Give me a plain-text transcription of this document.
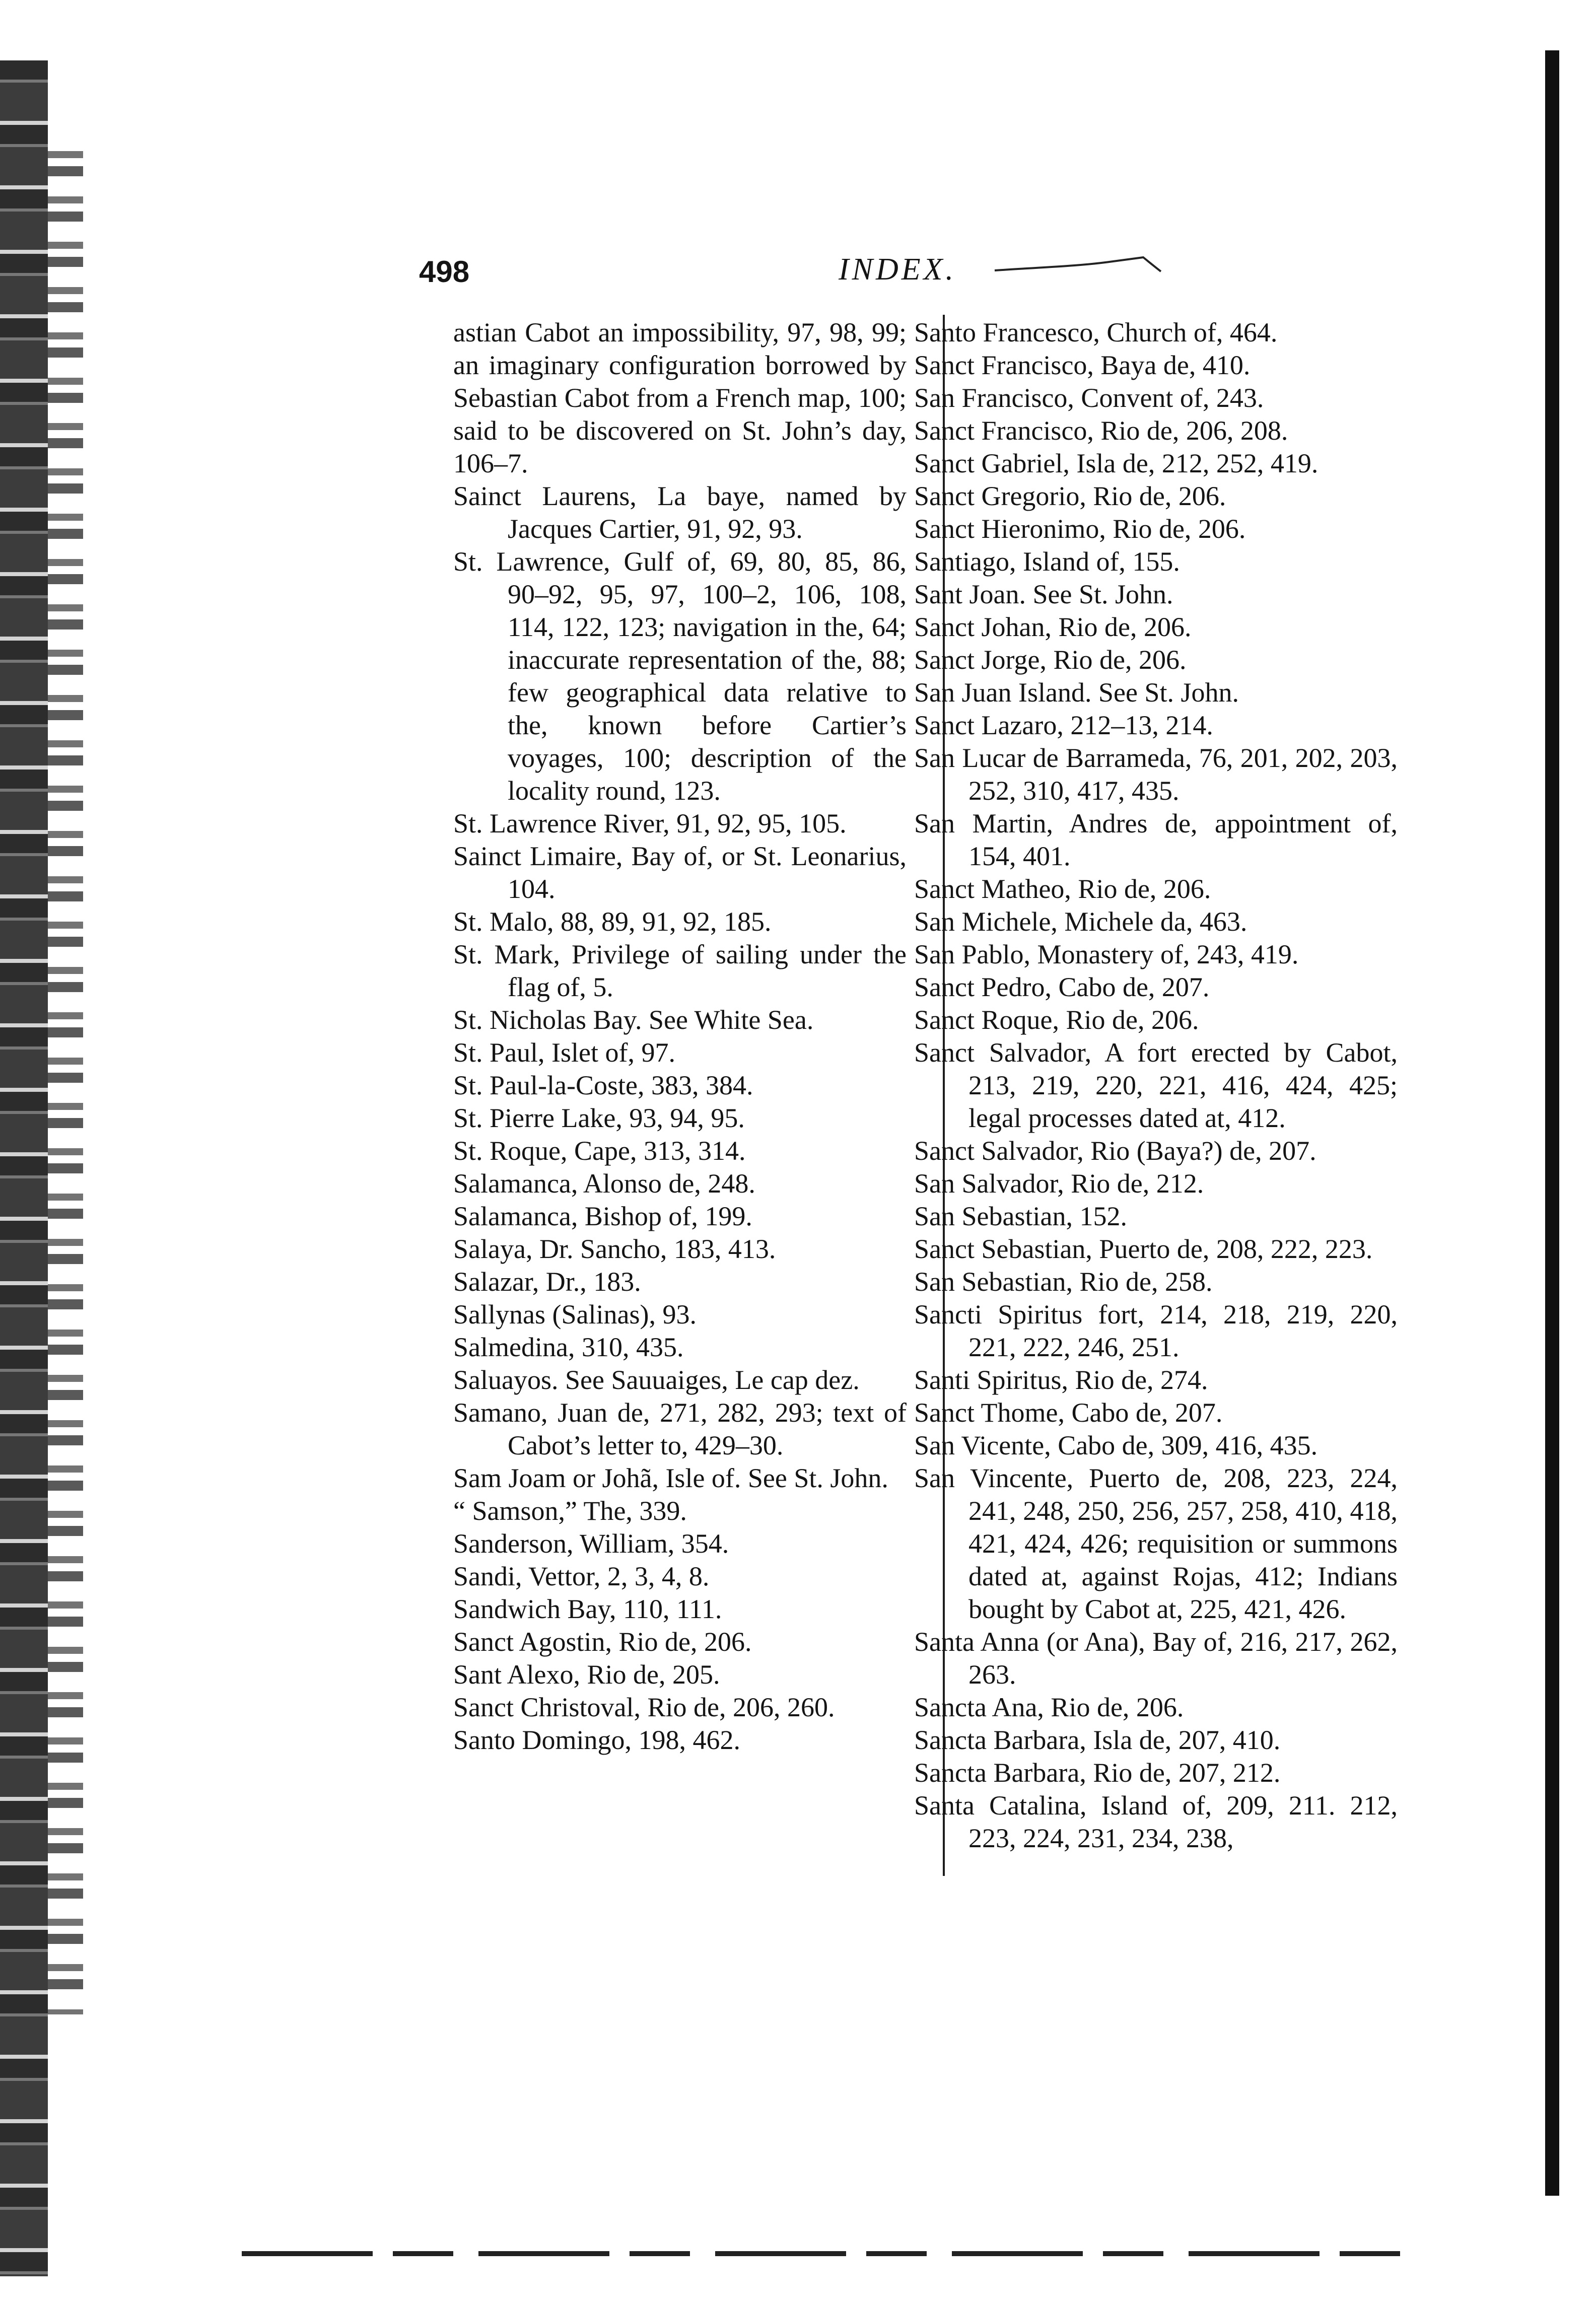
498	INDEX.

astian Cabot an impossibility, 97, 98, 99; an imaginary configuration borrowed by Sebastian Cabot from a French map, 100; said to be discovered on St. John’s day, 106–7.

Sainct Laurens, La baye, named by Jacques Cartier, 91, 92, 93.

St. Lawrence, Gulf of, 69, 80, 85, 86, 90–92, 95, 97, 100–2, 106, 108, 114, 122, 123; navigation in the, 64; inaccurate representation of the, 88; few geographical data relative to the, known before Cartier’s voyages, 100; description of the locality round, 123.

St. Lawrence River, 91, 92, 95, 105.

Sainct Limaire, Bay of, or St. Leonarius, 104.

St. Malo, 88, 89, 91, 92, 185.

St. Mark, Privilege of sailing under the flag of, 5.

St. Nicholas Bay. See White Sea.

St. Paul, Islet of, 97.

St. Paul-la-Coste, 383, 384.

St. Pierre Lake, 93, 94, 95.

St. Roque, Cape, 313, 314.

Salamanca, Alonso de, 248.

Salamanca, Bishop of, 199.

Salaya, Dr. Sancho, 183, 413.

Salazar, Dr., 183.

Sallynas (Salinas), 93.

Salmedina, 310, 435.

Saluayos. See Sauuaiges, Le cap dez.

Samano, Juan de, 271, 282, 293; text of Cabot’s letter to, 429–30.

Sam Joam or Johã, Isle of. See St. John.

“ Samson,” The, 339.

Sanderson, William, 354.

Sandi, Vettor, 2, 3, 4, 8.

Sandwich Bay, 110, 111.

Sanct Agostin, Rio de, 206.

Sant Alexo, Rio de, 205.

Sanct Christoval, Rio de, 206, 260.

Santo Domingo, 198, 462.

Santo Francesco, Church of, 464.

Sanct Francisco, Baya de, 410.

San Francisco, Convent of, 243.

Sanct Francisco, Rio de, 206, 208.

Sanct Gabriel, Isla de, 212, 252, 419.

Sanct Gregorio, Rio de, 206.

Sanct Hieronimo, Rio de, 206.

Santiago, Island of, 155.

Sant Joan. See St. John.

Sanct Johan, Rio de, 206.

Sanct Jorge, Rio de, 206.

San Juan Island. See St. John.

Sanct Lazaro, 212–13, 214.

San Lucar de Barrameda, 76, 201, 202, 203, 252, 310, 417, 435.

San Martin, Andres de, appointment of, 154, 401.

Sanct Matheo, Rio de, 206.

San Michele, Michele da, 463.

San Pablo, Monastery of, 243, 419.

Sanct Pedro, Cabo de, 207.

Sanct Roque, Rio de, 206.

Sanct Salvador, A fort erected by Cabot, 213, 219, 220, 221, 416, 424, 425; legal processes dated at, 412.

Sanct Salvador, Rio (Baya?) de, 207.

San Salvador, Rio de, 212.

San Sebastian, 152.

Sanct Sebastian, Puerto de, 208, 222, 223.

San Sebastian, Rio de, 258.

Sancti Spiritus fort, 214, 218, 219, 220, 221, 222, 246, 251.

Santi Spiritus, Rio de, 274.

Sanct Thome, Cabo de, 207.

San Vicente, Cabo de, 309, 416, 435.

San Vincente, Puerto de, 208, 223, 224, 241, 248, 250, 256, 257, 258, 410, 418, 421, 424, 426; requisition or summons dated at, against Rojas, 412; Indians bought by Cabot at, 225, 421, 426.

Santa Anna (or Ana), Bay of, 216, 217, 262, 263.

Sancta Ana, Rio de, 206.

Sancta Barbara, Isla de, 207, 410.

Sancta Barbara, Rio de, 207, 212.

Santa Catalina, Island of, 209, 211. 212, 223, 224, 231, 234, 238,
